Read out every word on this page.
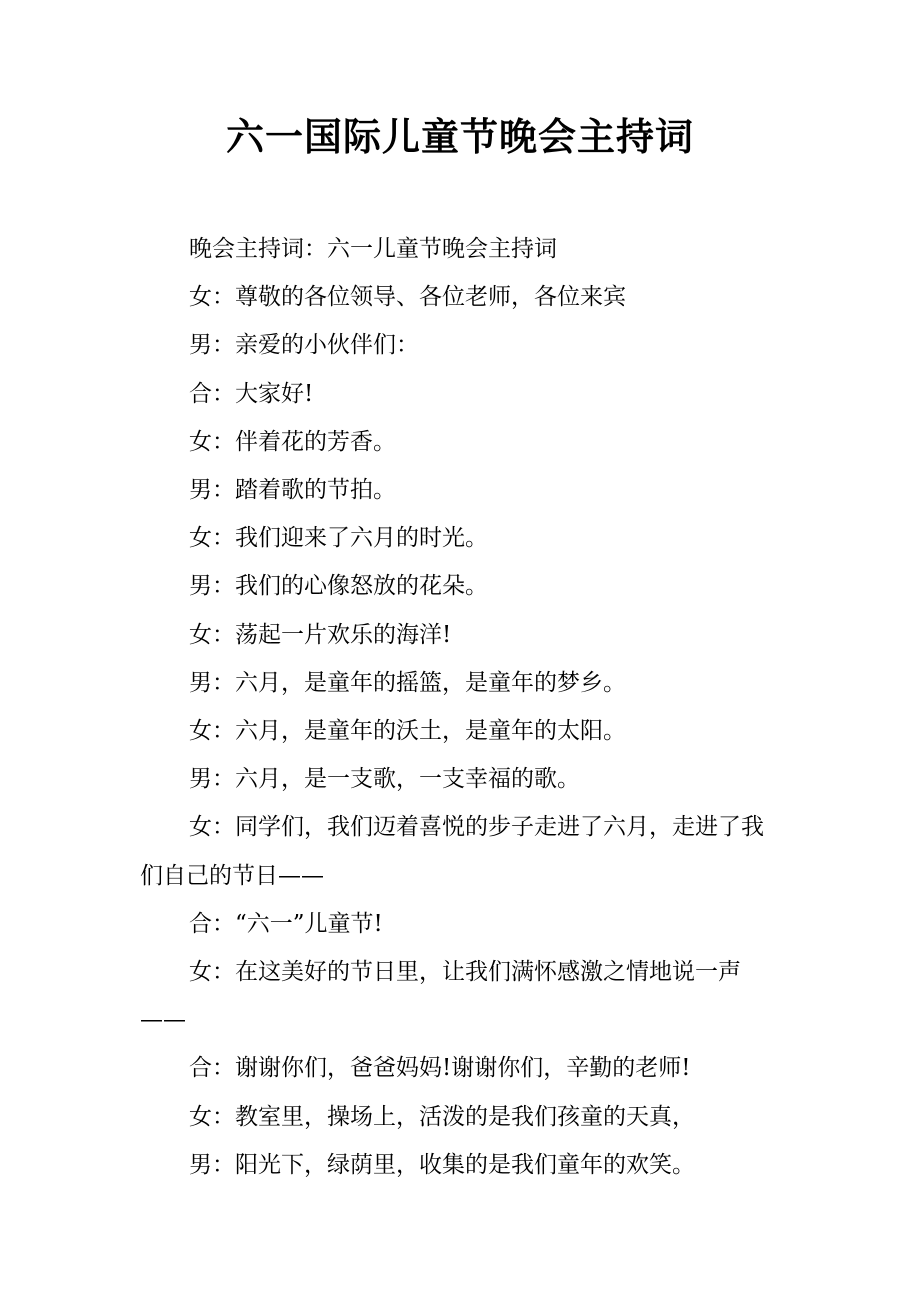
六一国际儿童节晚会主持词

晚会主持词：六一儿童节晚会主持词

女：尊敬的各位领导、各位老师，各位来宾

男：亲爱的小伙伴们：

合：大家好!

女：伴着花的芳香。

男：踏着歌的节拍。

女：我们迎来了六月的时光。

男：我们的心像怒放的花朵。

女：荡起一片欢乐的海洋!

男：六月，是童年的摇篮，是童年的梦乡。

女：六月，是童年的沃土，是童年的太阳。

男：六月，是一支歌，一支幸福的歌。

女：同学们，我们迈着喜悦的步子走进了六月，走进了我们自己的节日——

合：“六一”儿童节!

女：在这美好的节日里，让我们满怀感激之情地说一声——

合：谢谢你们，爸爸妈妈!谢谢你们，辛勤的老师!

女：教室里，操场上，活泼的是我们孩童的天真，

男：阳光下，绿荫里，收集的是我们童年的欢笑。
